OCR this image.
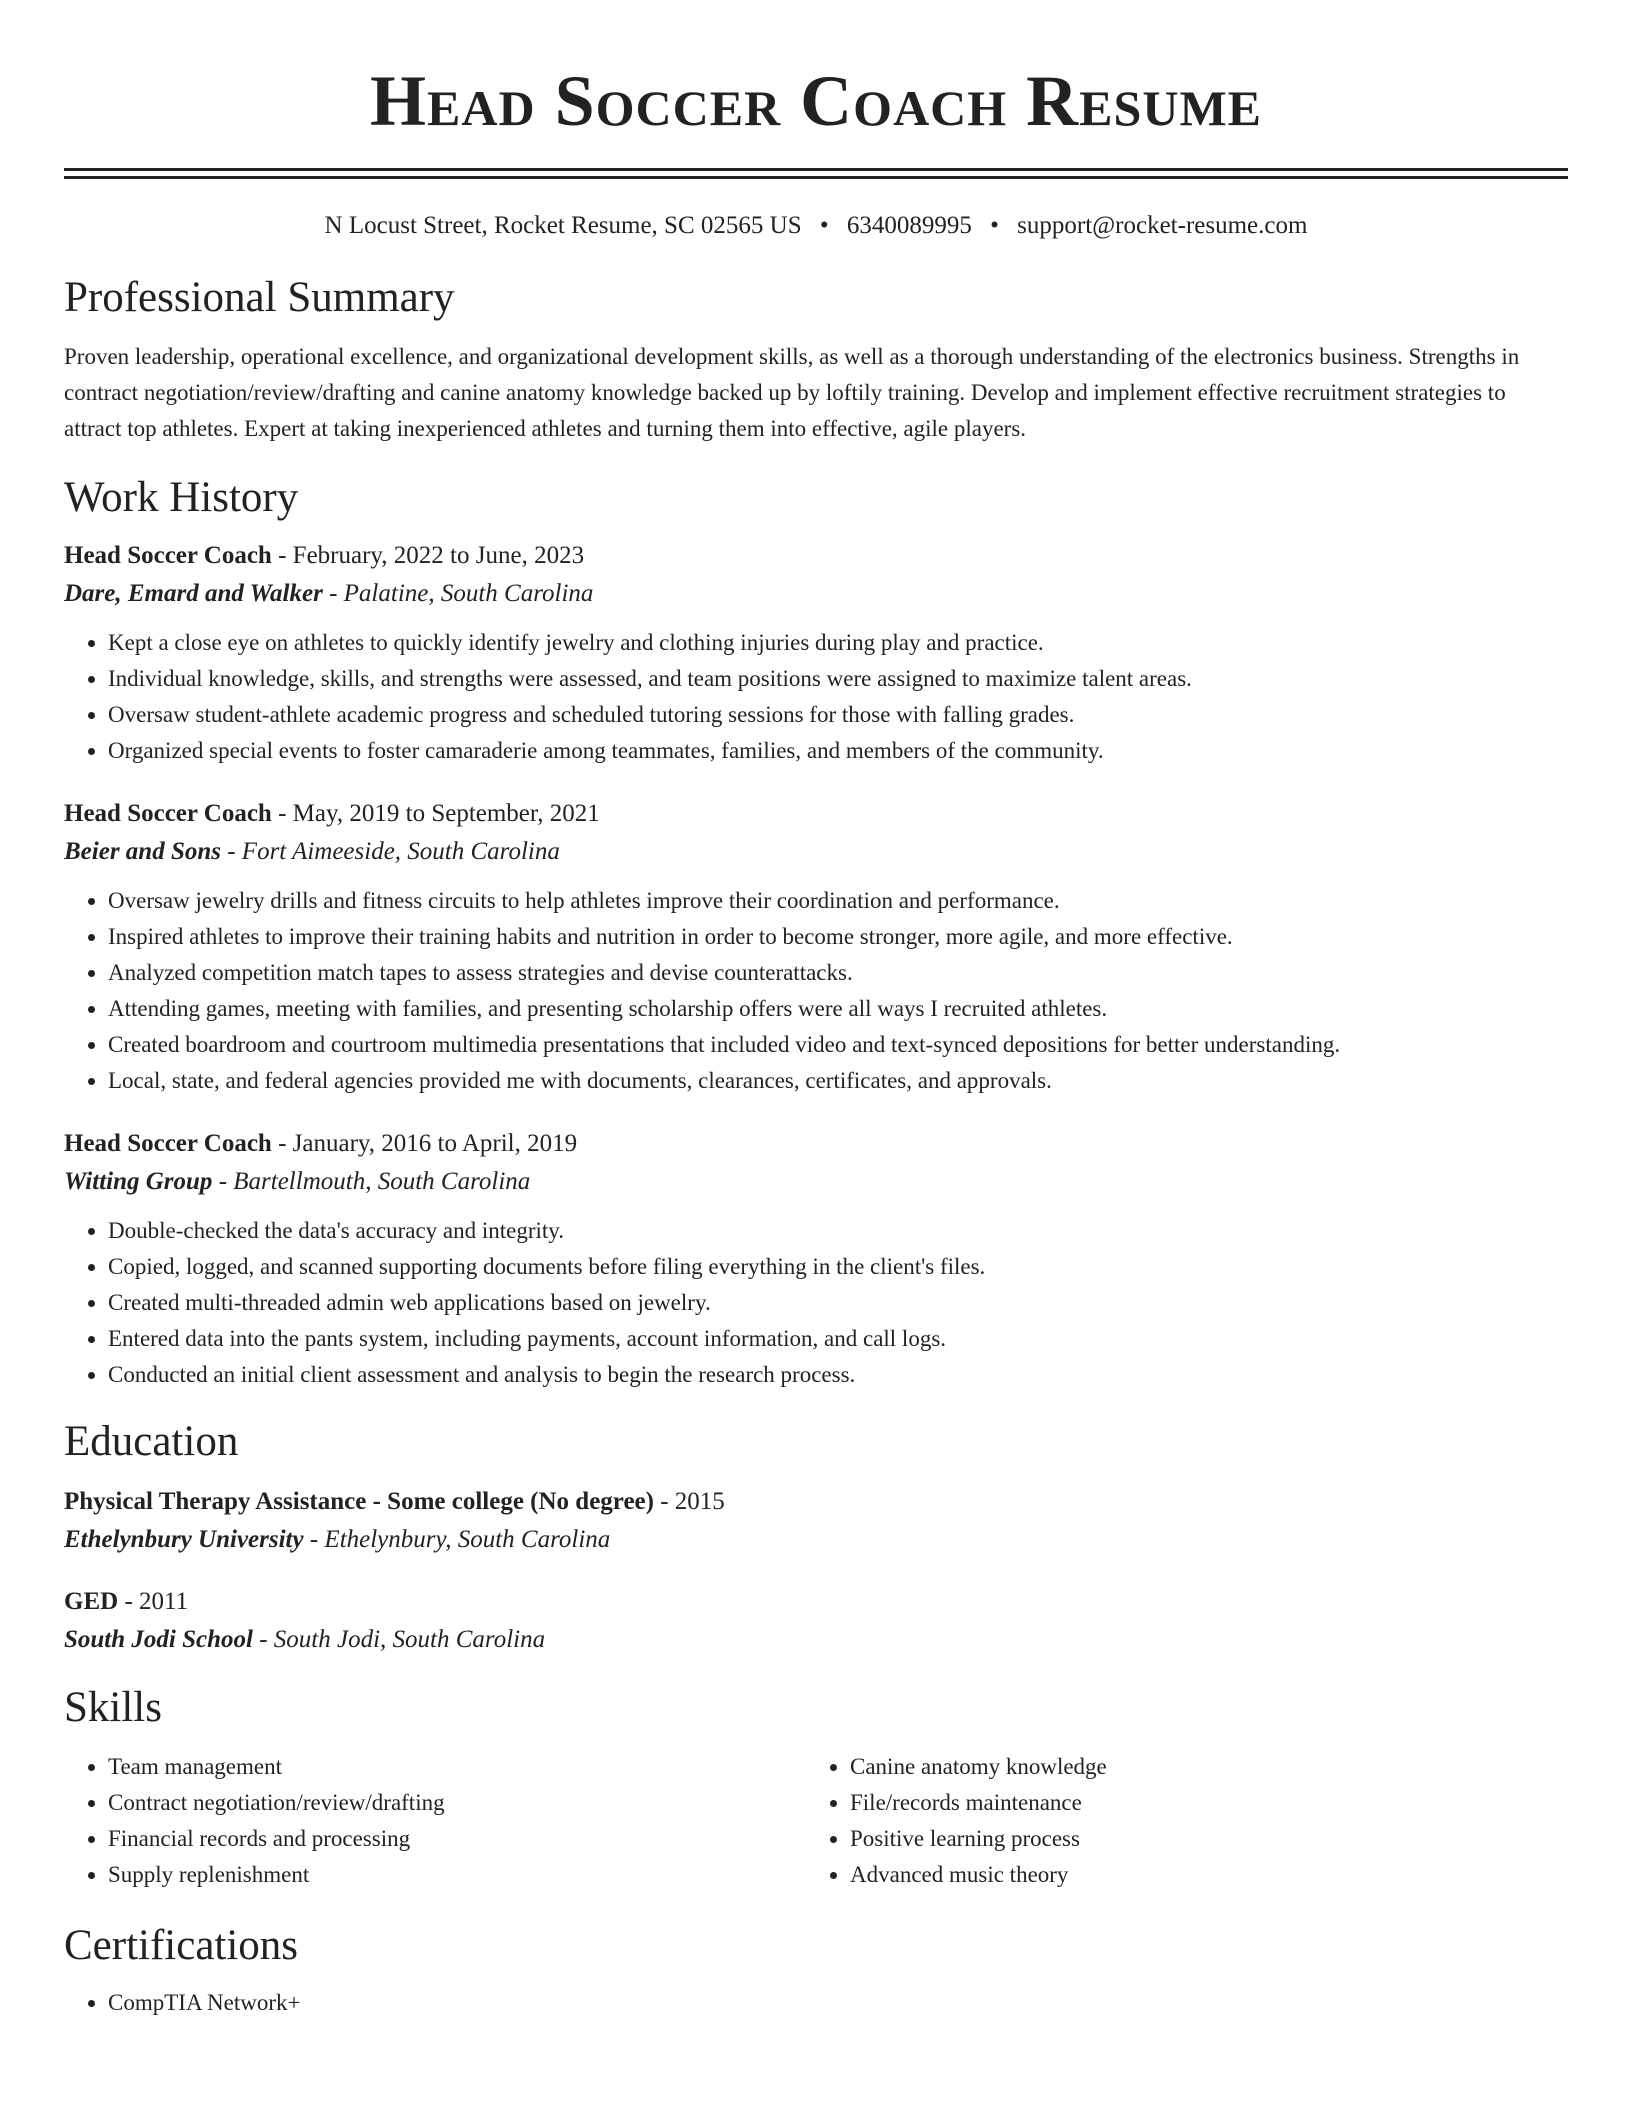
Head Soccer Coach Resume
N Locust Street, Rocket Resume, SC 02565 US • 6340089995 • support@rocket-resume.com
Professional Summary

Proven leadership, operational excellence, and organizational development skills, as well as a thorough understanding of the electronics business. Strengths in contract negotiation/review/drafting and canine anatomy knowledge backed up by loftily training. Develop and implement effective recruitment strategies to attract top athletes. Expert at taking inexperienced athletes and turning them into effective, agile players.

Work History
Head Soccer Coach - February, 2022 to June, 2023
Dare, Emard and Walker - Palatine, South Carolina
• Kept a close eye on athletes to quickly identify jewelry and clothing injuries during play and practice.
• Individual knowledge, skills, and strengths were assessed, and team positions were assigned to maximize talent areas.
• Oversaw student-athlete academic progress and scheduled tutoring sessions for those with falling grades.
• Organized special events to foster camaraderie among teammates, families, and members of the community.
Head Soccer Coach - May, 2019 to September, 2021
Beier and Sons - Fort Aimeeside, South Carolina
• Oversaw jewelry drills and fitness circuits to help athletes improve their coordination and performance.
• Inspired athletes to improve their training habits and nutrition in order to become stronger, more agile, and more effective.
• Analyzed competition match tapes to assess strategies and devise counterattacks.
• Attending games, meeting with families, and presenting scholarship offers were all ways I recruited athletes.
• Created boardroom and courtroom multimedia presentations that included video and text-synced depositions for better understanding.
• Local, state, and federal agencies provided me with documents, clearances, certificates, and approvals.
Head Soccer Coach - January, 2016 to April, 2019
Witting Group - Bartellmouth, South Carolina
• Double-checked the data's accuracy and integrity.
• Copied, logged, and scanned supporting documents before filing everything in the client's files.
• Created multi-threaded admin web applications based on jewelry.
• Entered data into the pants system, including payments, account information, and call logs.
• Conducted an initial client assessment and analysis to begin the research process.
Education
Physical Therapy Assistance - Some college (No degree) - 2015
Ethelynbury University - Ethelynbury, South Carolina
GED - 2011
South Jodi School - South Jodi, South Carolina
Skills
• Team management
• Contract negotiation/review/drafting
• Financial records and processing
• Supply replenishment
• Canine anatomy knowledge
• File/records maintenance
• Positive learning process
• Advanced music theory
Certifications
• CompTIA Network+
